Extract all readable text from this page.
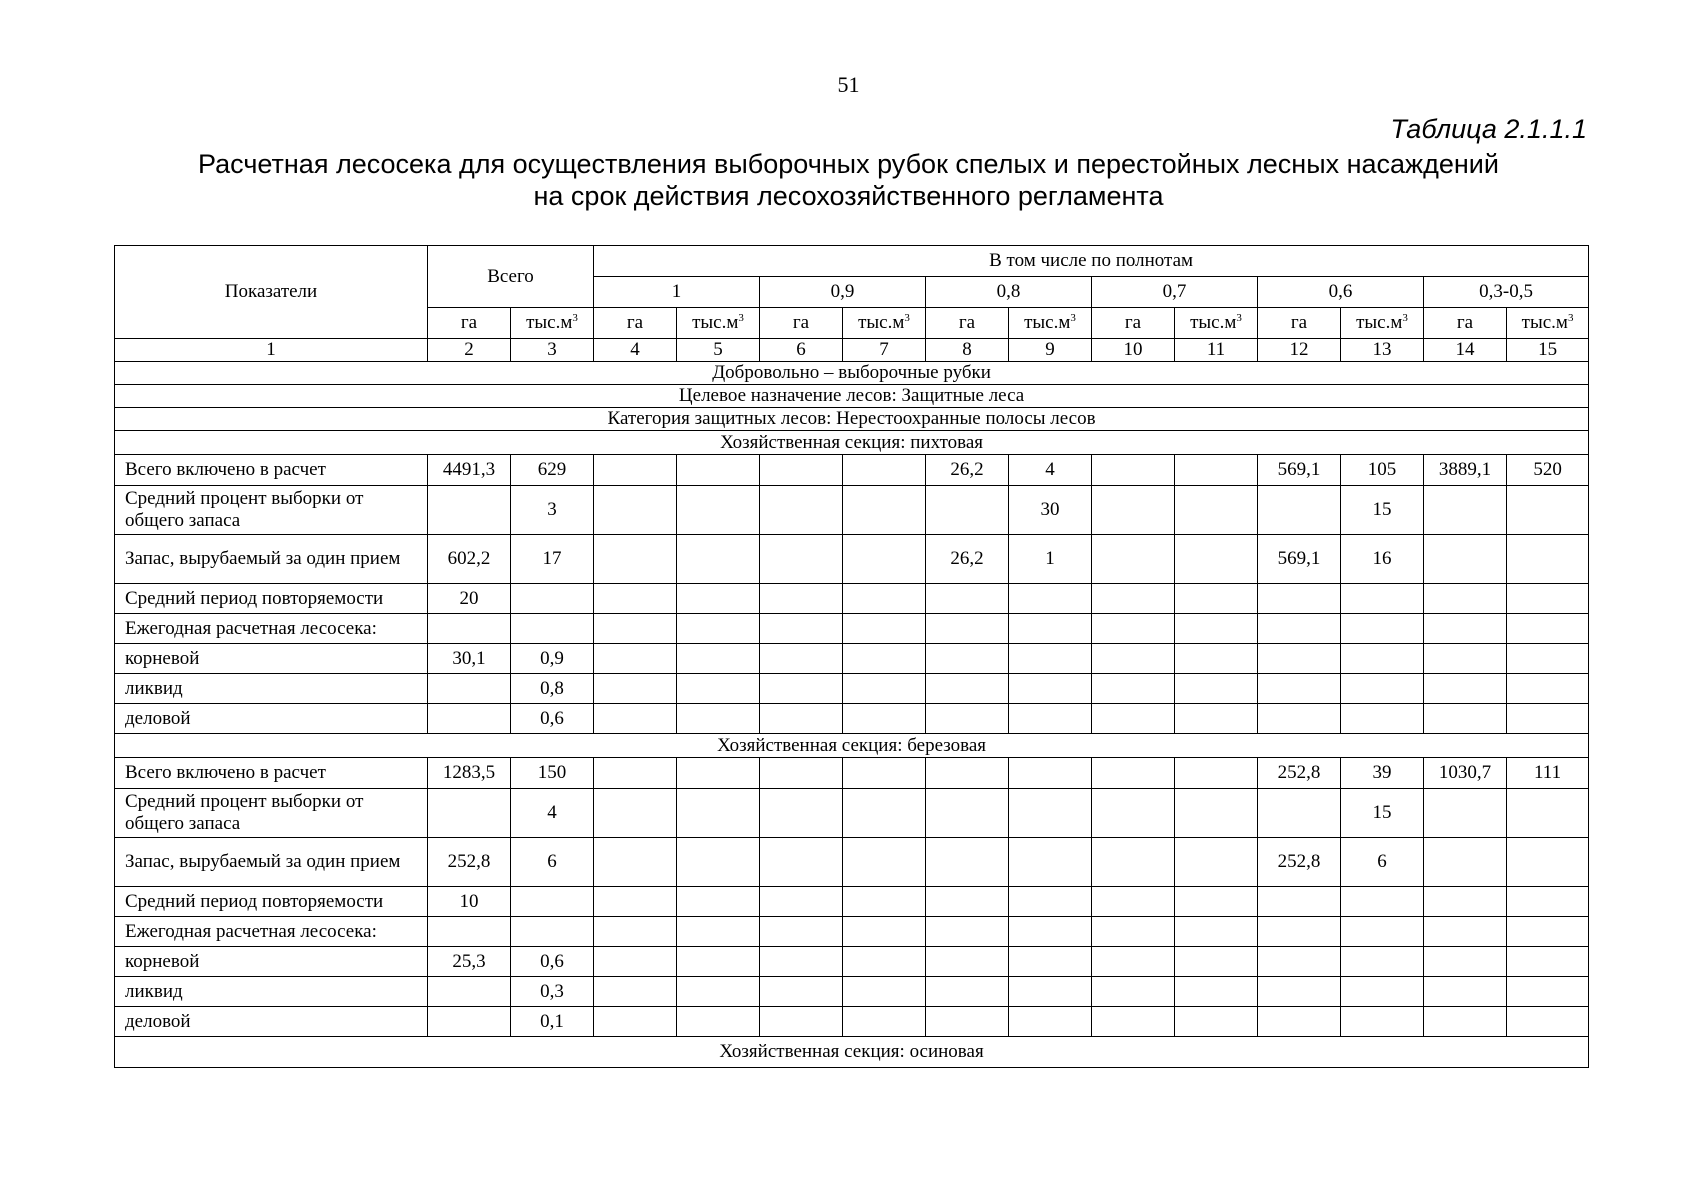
51
Таблица 2.1.1.1
Расчетная лесосека для осуществления выборочных рубок спелых и перестойных лесных насаждений
на срок действия лесохозяйственного регламента
Показатели	Всего		В том числе по полнотам											
			1		0,9		0,8		0,7		0,6		0,3-0,5	
	га	$тыс.м^3$	га	$тыс.м^3$	га	$тыс.м^3$	га	$тыс.м^3$	га	$тыс.м^3$	га	$тыс.м^3$	га	$тыс.м^3$
1	2	3	4	5	6	7	8	9	10	11	12	13	14	15
Добровольно – выборочные рубки														
Целевое назначение лесов: Защитные леса														
Категория защитных лесов: Нерестоохранные полосы лесов														
Хозяйственная секция: пихтовая														
Всего включено в расчет	4491,3	629					26,2	4			569,1	105	3889,1	520
Средний процент выборки от общего запаса		3						30				15		
Запас, вырубаемый за один прием	602,2	17					26,2	1			569,1	16		
Средний период повторяемости	20													
Ежегодная расчетная лесосека:														
корневой	30,1	0,9												
ликвид		0,8												
деловой		0,6												
Хозяйственная секция: березовая														
Всего включено в расчет	1283,5	150									252,8	39	1030,7	111
Средний процент выборки от общего запаса		4										15		
Запас, вырубаемый за один прием	252,8	6									252,8	6		
Средний период повторяемости	10													
Ежегодная расчетная лесосека:														
корневой	25,3	0,6												
ликвид		0,3												
деловой		0,1												
Хозяйственная секция: осиновая														
